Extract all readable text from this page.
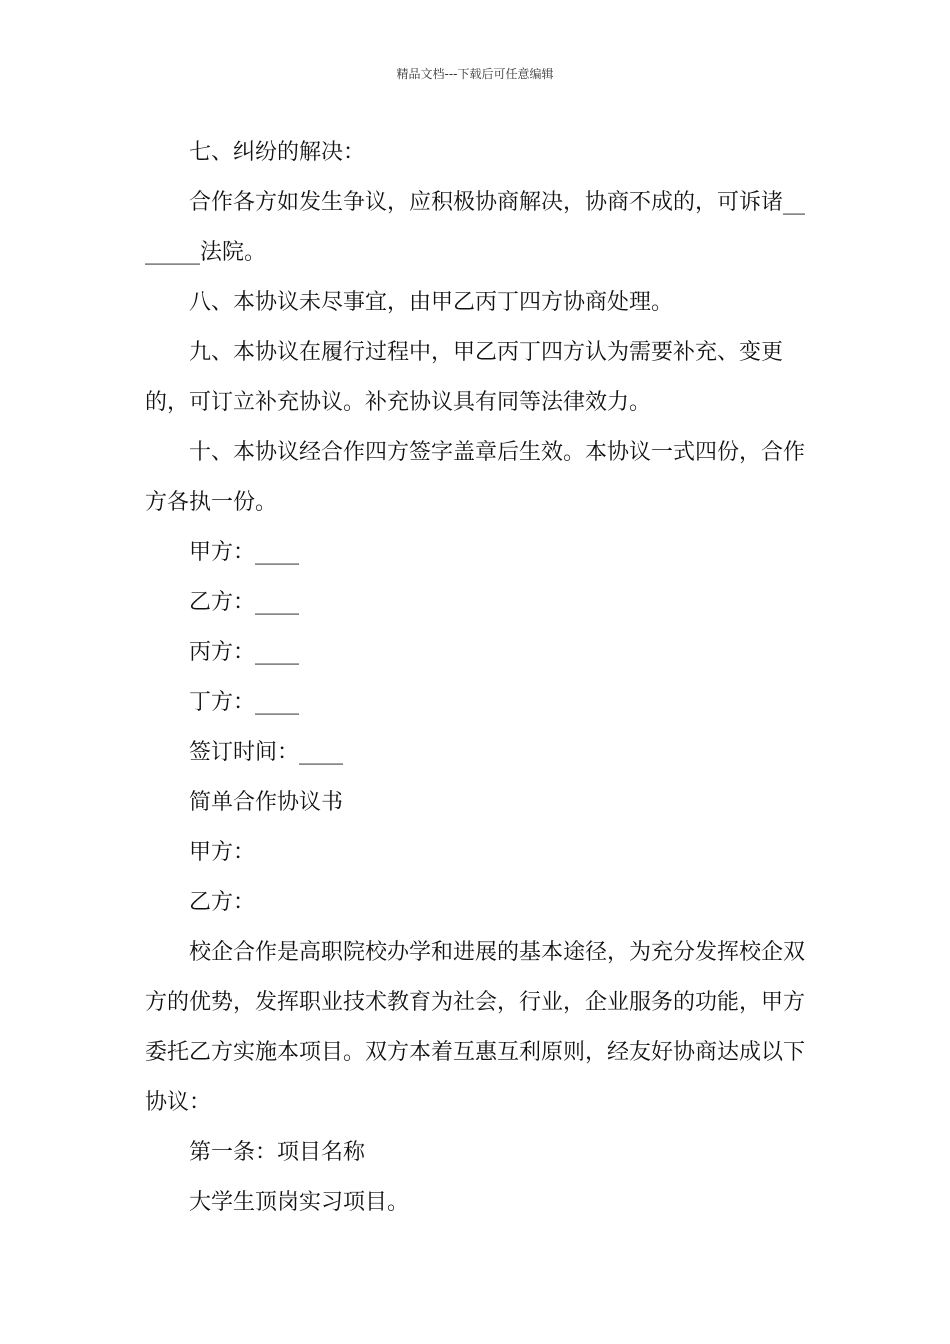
精品文档---下载后可任意编辑

七、纠纷的解决：

合作各方如发生争议，应积极协商解决，协商不成的，可诉诸_______法院。

八、本协议未尽事宜，由甲乙丙丁四方协商处理。

九、本协议在履行过程中，甲乙丙丁四方认为需要补充、变更的，可订立补充协议。补充协议具有同等法律效力。

十、本协议经合作四方签字盖章后生效。本协议一式四份，合作方各执一份。

甲方：____

乙方：____

丙方：____

丁方：____

签订时间：____

简单合作协议书

甲方：

乙方：

校企合作是高职院校办学和进展的基本途径，为充分发挥校企双方的优势，发挥职业技术教育为社会，行业，企业服务的功能，甲方委托乙方实施本项目。双方本着互惠互利原则，经友好协商达成以下协议：

第一条：项目名称

大学生顶岗实习项目。
